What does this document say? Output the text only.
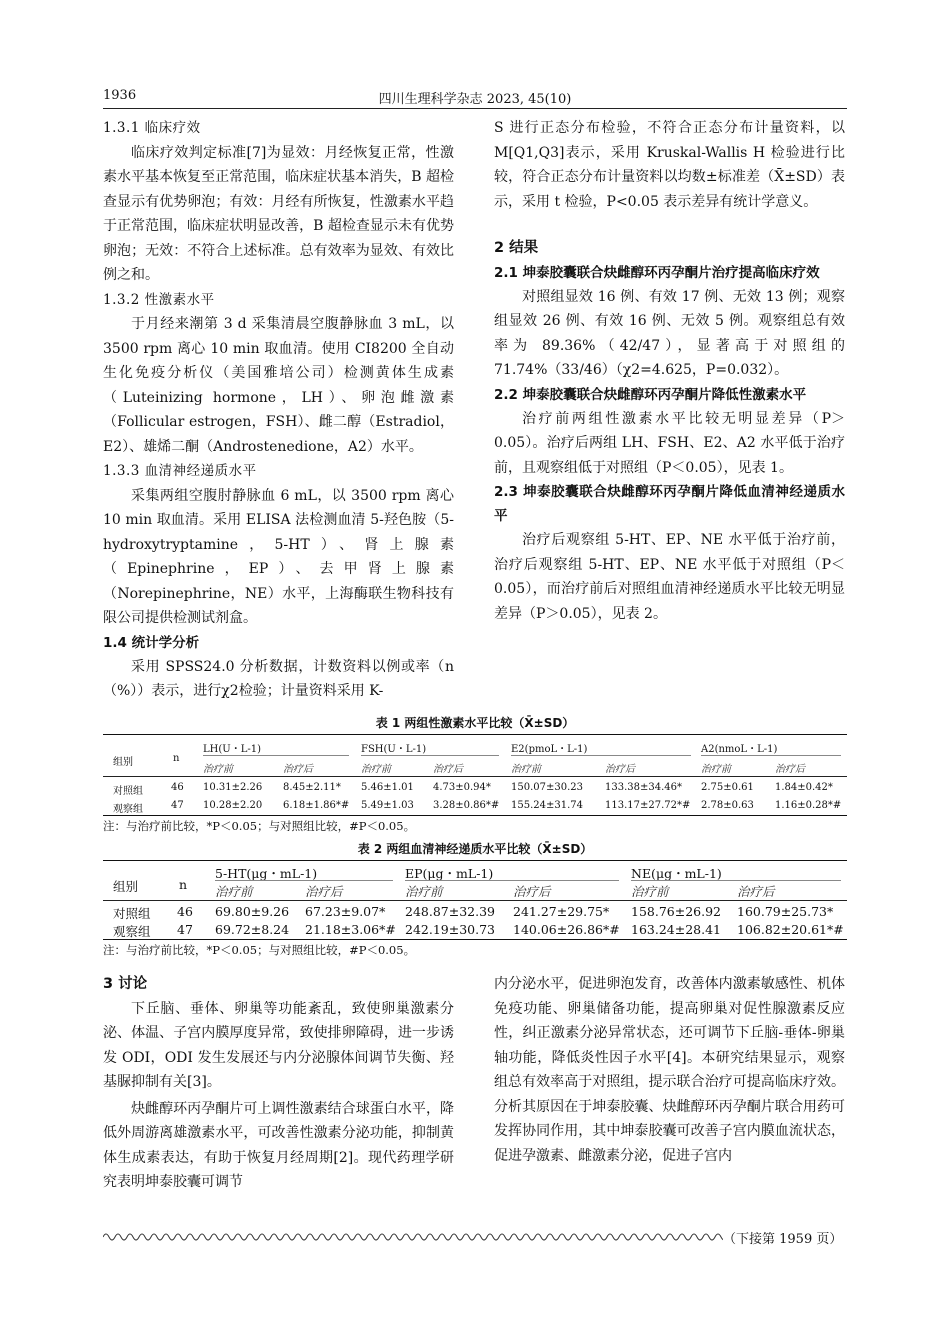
1936	四川生理科学杂志 2023, 45(10)
1.3.1 临床疗效
临床疗效判定标准[7]为显效：月经恢复正常，性激素水平基本恢复至正常范围，临床症状基本消失，B 超检查显示有优势卵泡；有效：月经有所恢复，性激素水平趋于正常范围，临床症状明显改善，B 超检查显示未有优势卵泡；无效：不符合上述标准。总有效率为显效、有效比例之和。
1.3.2 性激素水平
于月经来潮第 3 d 采集清晨空腹静脉血 3 mL，以 3500 rpm 离心 10 min 取血清。使用 CI8200 全自动生化免疫分析仪（美国雅培公司）检测黄体生成素（Luteinizing hormone，LH）、卵泡雌激素（Follicular estrogen，FSH）、雌二醇（Estradiol，E2）、雄烯二酮（Androstenedione，A2）水平。
1.3.3 血清神经递质水平
采集两组空腹肘静脉血 6 mL，以 3500 rpm 离心 10 min 取血清。采用 ELISA 法检测血清 5-羟色胺（5-hydroxytryptamine，5-HT）、肾上腺素（Epinephrine，EP）、去甲肾上腺素（Norepinephrine，NE）水平，上海酶联生物科技有限公司提供检测试剂盒。
1.4 统计学分析
采用 SPSS24.0 分析数据，计数资料以例或率（n（%））表示，进行χ2检验；计量资料采用 K-
S 进行正态分布检验，不符合正态分布计量资料，以 M[Q1,Q3]表示，采用 Kruskal-Wallis H 检验进行比较，符合正态分布计量资料以均数±标准差（X̄±SD）表示，采用 t 检验，P<0.05 表示差异有统计学意义。
2 结果
2.1 坤泰胶囊联合炔雌醇环丙孕酮片治疗提高临床疗效
对照组显效 16 例、有效 17 例、无效 13 例；观察组显效 26 例、有效 16 例、无效 5 例。观察组总有效率为 89.36%（42/47），显著高于对照组的 71.74%（33/46）（χ2=4.625，P=0.032）。
2.2 坤泰胶囊联合炔雌醇环丙孕酮片降低性激素水平
治疗前两组性激素水平比较无明显差异（P＞0.05）。治疗后两组 LH、FSH、E2、A2 水平低于治疗前，且观察组低于对照组（P＜0.05），见表 1。
2.3 坤泰胶囊联合炔雌醇环丙孕酮片降低血清神经递质水平
治疗后观察组 5-HT、EP、NE 水平低于治疗前，治疗后观察组 5-HT、EP、NE 水平低于对照组（P＜0.05），而治疗前后对照组血清神经递质水平比较无明显差异（P＞0.05），见表 2。
表 1 两组性激素水平比较（X̄±SD）
组别	n
LH(U・L-1)	FSH(U・L-1)	E2(pmoL・L-1)	A2(nmoL・L-1)
治疗前	治疗后	治疗前	治疗后	治疗前	治疗后	治疗前	治疗后
对照组	46 10.31±2.26 8.45±2.11* 5.46±1.01 4.73±0.94* 150.07±30.23 133.38±34.46* 2.75±0.61 1.84±0.42*
观察组	47 10.28±2.20 6.18±1.86*# 5.49±1.03 3.28±0.86*# 155.24±31.74 113.17±27.72*# 2.78±0.63 1.16±0.28*#
注：与治疗前比较，*P＜0.05；与对照组比较，#P＜0.05。
表 2 两组血清神经递质水平比较（X̄±SD）
组别	n
5-HT(μg・mL-1)	EP(μg・mL-1)	NE(μg・mL-1)
治疗前	治疗后	治疗前	治疗后	治疗前	治疗后
对照组 46 69.80±9.26 67.23±9.07* 248.87±32.39 241.27±29.75* 158.76±26.92 160.79±25.73*
观察组 47 69.72±8.24 21.18±3.06*# 242.19±30.73 140.06±26.86*# 163.24±28.41 106.82±20.61*#
注：与治疗前比较，*P＜0.05；与对照组比较，#P＜0.05。
3 讨论
下丘脑、垂体、卵巢等功能紊乱，致使卵巢激素分泌、体温、子宫内膜厚度异常，致使排卵障碍，进一步诱发 ODI，ODI 发生发展还与内分泌腺体间调节失衡、羟基脲抑制有关[3]。
炔雌醇环丙孕酮片可上调性激素结合球蛋白水平，降低外周游离雄激素水平，可改善性激素分泌功能，抑制黄体生成素表达，有助于恢复月经周期[2]。现代药理学研究表明坤泰胶囊可调节
内分泌水平，促进卵泡发育，改善体内激素敏感性、机体免疫功能、卵巢储备功能，提高卵巢对促性腺激素反应性，纠正激素分泌异常状态，还可调节下丘脑-垂体-卵巢轴功能，降低炎性因子水平[4]。本研究结果显示，观察组总有效率高于对照组，提示联合治疗可提高临床疗效。分析其原因在于坤泰胶囊、炔雌醇环丙孕酮片联合用药可发挥协同作用，其中坤泰胶囊可改善子宫内膜血流状态，促进孕激素、雌激素分泌，促进子宫内
（下接第 1959 页）
